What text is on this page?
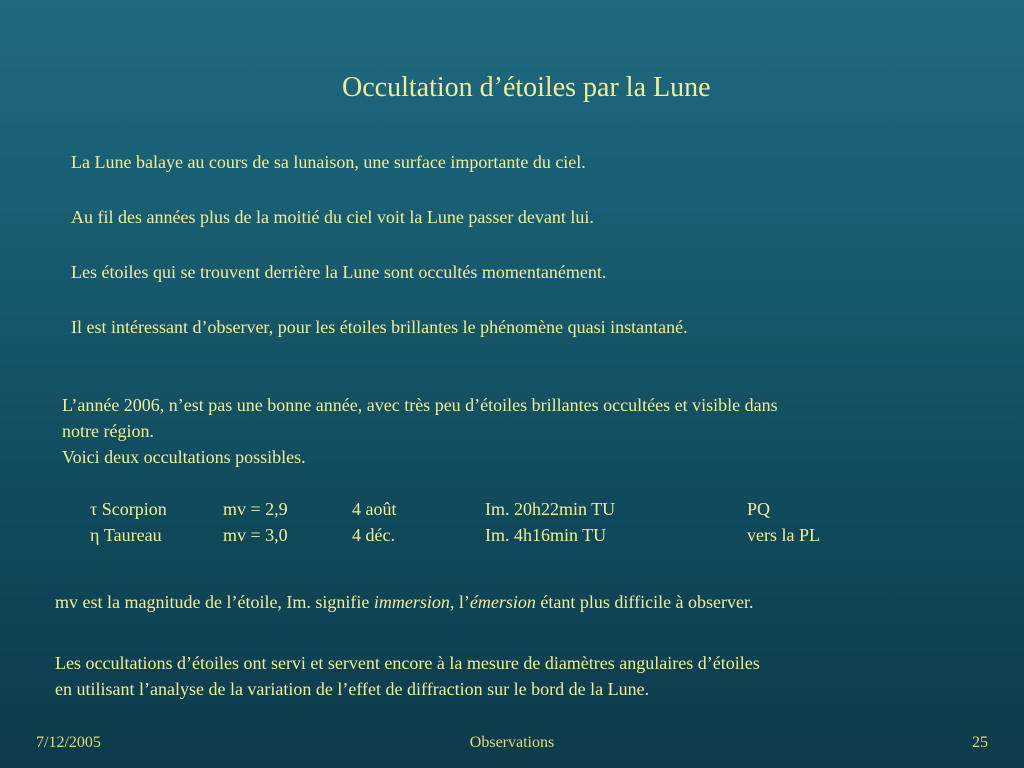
Occultation d’étoiles par la Lune
La Lune balaye au cours de sa lunaison, une surface importante du ciel.
Au fil des années plus de la moitié du ciel voit la Lune passer devant lui.
Les étoiles qui se trouvent derrière la Lune sont occultés momentanément.
Il est intéressant d’observer, pour les étoiles brillantes le phénomène quasi instantané.
L’année 2006, n’est pas une bonne année, avec très peu d’étoiles brillantes occultées et visible dans
notre région.
Voici deux occultations possibles.
τ Scorpion	mv = 2,9	4 août	Im. 20h22min TU	PQ
η Taureau	mv = 3,0	4 déc.	Im. 4h16min TU	vers la PL
mv est la magnitude de l’étoile, Im. signifie immersion, l’émersion étant plus difficile à observer.
Les occultations d’étoiles ont servi et servent encore à la mesure de diamètres angulaires d’étoiles
en utilisant l’analyse de la variation de l’effet de diffraction sur le bord de la Lune.
7/12/2005	Observations	25
